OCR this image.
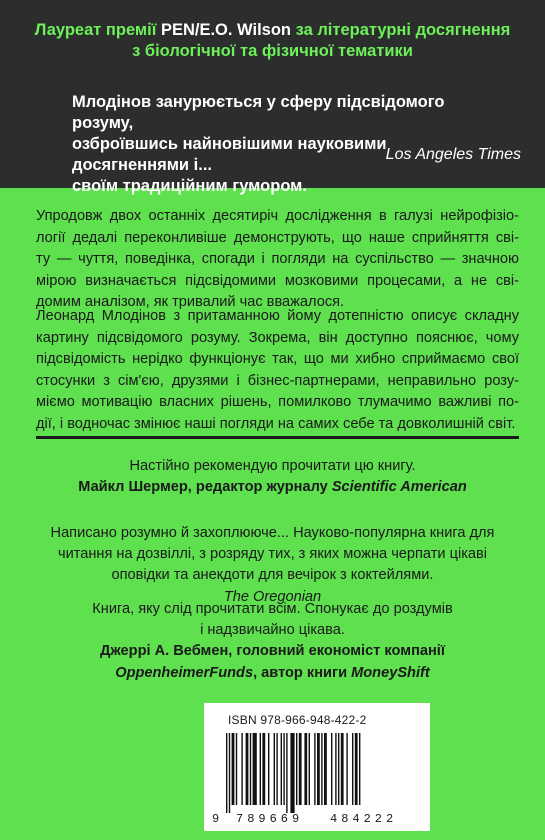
Лауреат премії PEN/E.O. Wilson за літературні досягнення
з біологічної та фізичної тематики
Млодінов занурюється у сферу підсвідомого розуму,
озброївшись найновішими науковими досягненнями і...
своїм традиційним гумором.
Los Angeles Times
Упродовж двох останніх десятиріч дослідження в галузі нейрофізіо-
логії дедалі переконливіше демонструють, що наше сприйняття сві-
ту — чуття, поведінка, спогади і погляди на суспільство — значною
мірою визначається підсвідомими мозковими процесами, а не сві-
домим аналізом, як тривалий час вважалося.
Леонард Млодінов з притаманною йому дотепністю описує складну
картину підсвідомого розуму. Зокрема, він доступно пояснює, чому
підсвідомість нерідко функціонує так, що ми хибно сприймаємо свої
стосунки з сім'єю, друзями і бізнес-партнерами, неправильно розу-
міємо мотивацію власних рішень, помилково тлумачимо важливі по-
дії, і водночас змінює наші погляди на самих себе та довколишній світ.
Настійно рекомендую прочитати цю книгу.
Майкл Шермер, редактор журналу Scientific American
Написано розумно й захоплююче... Науково-популярна книга для
читання на дозвіллі, з розряду тих, з яких можна черпати цікаві
оповідки та анекдоти для вечірок з коктейлями.
The Oregonian
Книга, яку слід прочитати всім. Спонукає до роздумів
і надзвичайно цікава.
Джеррі А. Вебмен, головний економіст компанії
OppenheimerFunds, автор книги MoneyShift
ISBN 978-966-948-422-2
9 789669 484222
